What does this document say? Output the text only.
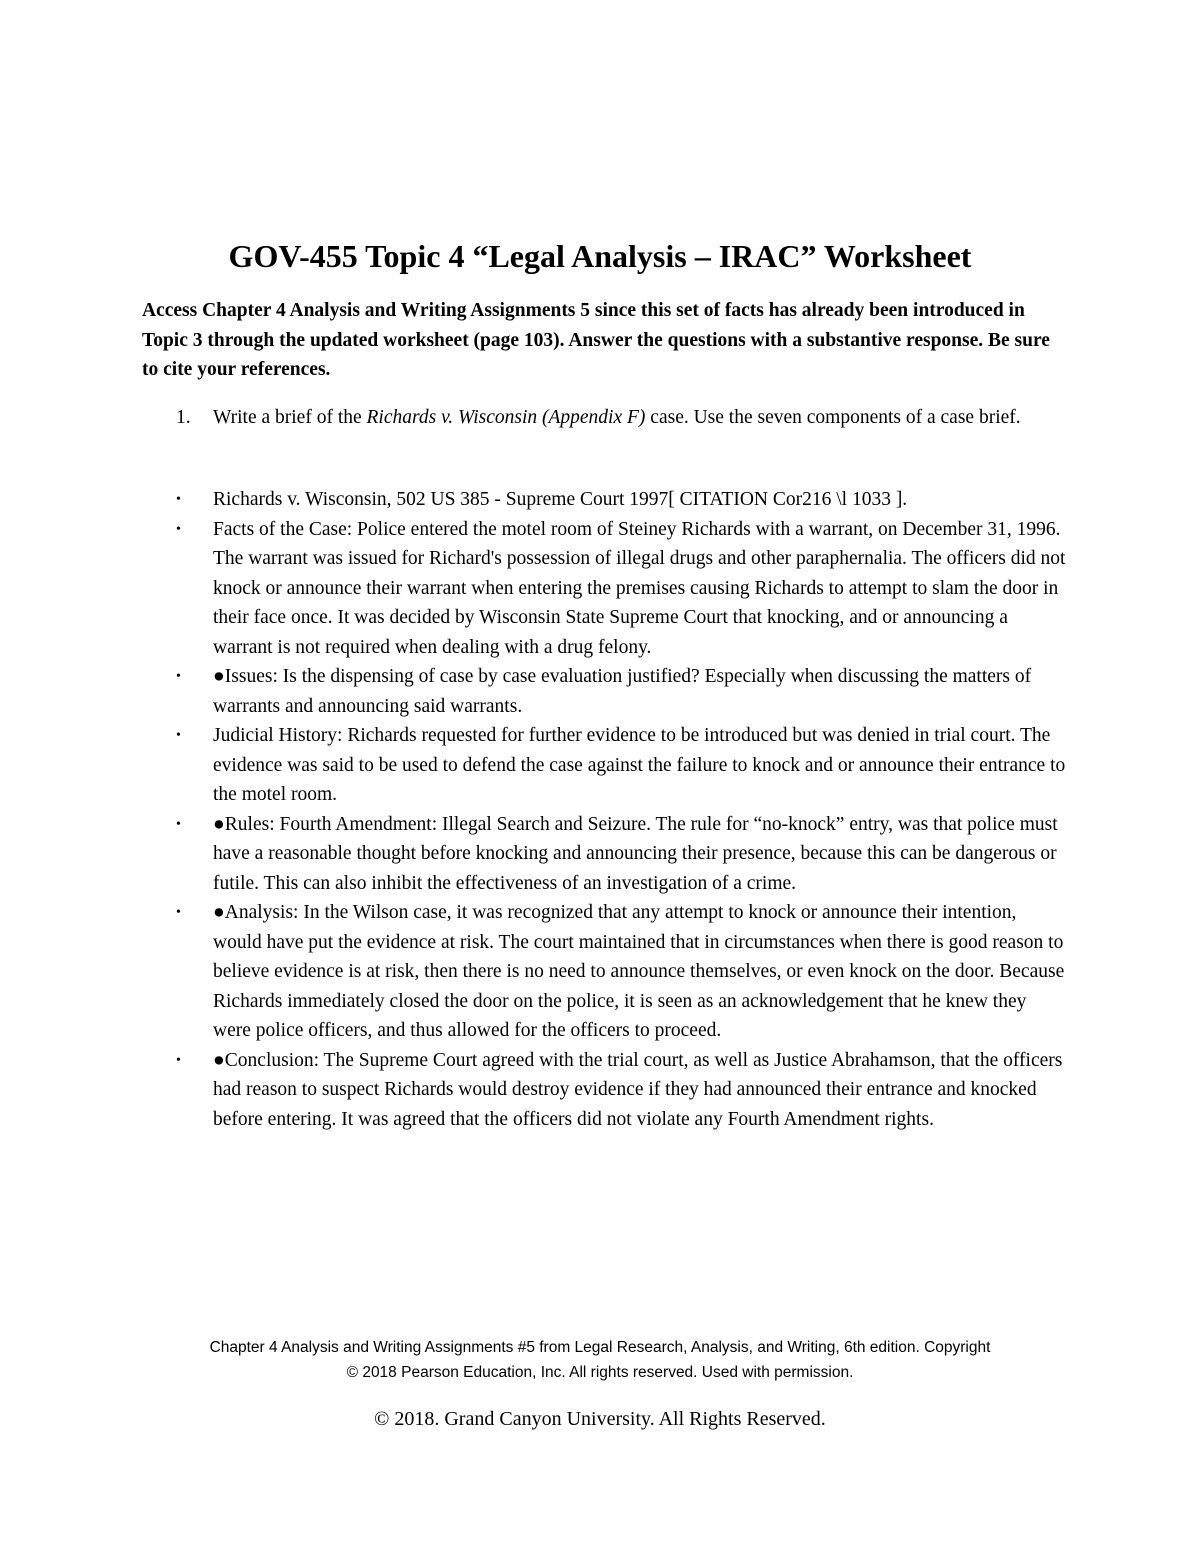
GOV-455 Topic 4 “Legal Analysis – IRAC” Worksheet
Access Chapter 4 Analysis and Writing Assignments 5 since this set of facts has already been introduced in Topic 3 through the updated worksheet (page 103). Answer the questions with a substantive response. Be sure to cite your references.
1.	Write a brief of the Richards v. Wisconsin (Appendix F) case. Use the seven components of a case brief.
•	Richards v. Wisconsin, 502 US 385 - Supreme Court 1997[ CITATION Cor216 \l 1033 ].
•	Facts of the Case: Police entered the motel room of Steiney Richards with a warrant, on December 31, 1996. The warrant was issued for Richard's possession of illegal drugs and other paraphernalia. The officers did not knock or announce their warrant when entering the premises causing Richards to attempt to slam the door in their face once. It was decided by Wisconsin State Supreme Court that knocking, and or announcing a warrant is not required when dealing with a drug felony.
•	●Issues: Is the dispensing of case by case evaluation justified? Especially when discussing the matters of warrants and announcing said warrants.
•	Judicial History: Richards requested for further evidence to be introduced but was denied in trial court. The evidence was said to be used to defend the case against the failure to knock and or announce their entrance to the motel room.
•	●Rules: Fourth Amendment: Illegal Search and Seizure. The rule for “no-knock” entry, was that police must have a reasonable thought before knocking and announcing their presence, because this can be dangerous or futile. This can also inhibit the effectiveness of an investigation of a crime.
•	●Analysis: In the Wilson case, it was recognized that any attempt to knock or announce their intention, would have put the evidence at risk. The court maintained that in circumstances when there is good reason to believe evidence is at risk, then there is no need to announce themselves, or even knock on the door. Because Richards immediately closed the door on the police, it is seen as an acknowledgement that he knew they were police officers, and thus allowed for the officers to proceed.
•	●Conclusion: The Supreme Court agreed with the trial court, as well as Justice Abrahamson, that the officers had reason to suspect Richards would destroy evidence if they had announced their entrance and knocked before entering. It was agreed that the officers did not violate any Fourth Amendment rights.
Chapter 4 Analysis and Writing Assignments #5 from Legal Research, Analysis, and Writing, 6th edition. Copyright
© 2018 Pearson Education, Inc. All rights reserved. Used with permission.
© 2018. Grand Canyon University. All Rights Reserved.
